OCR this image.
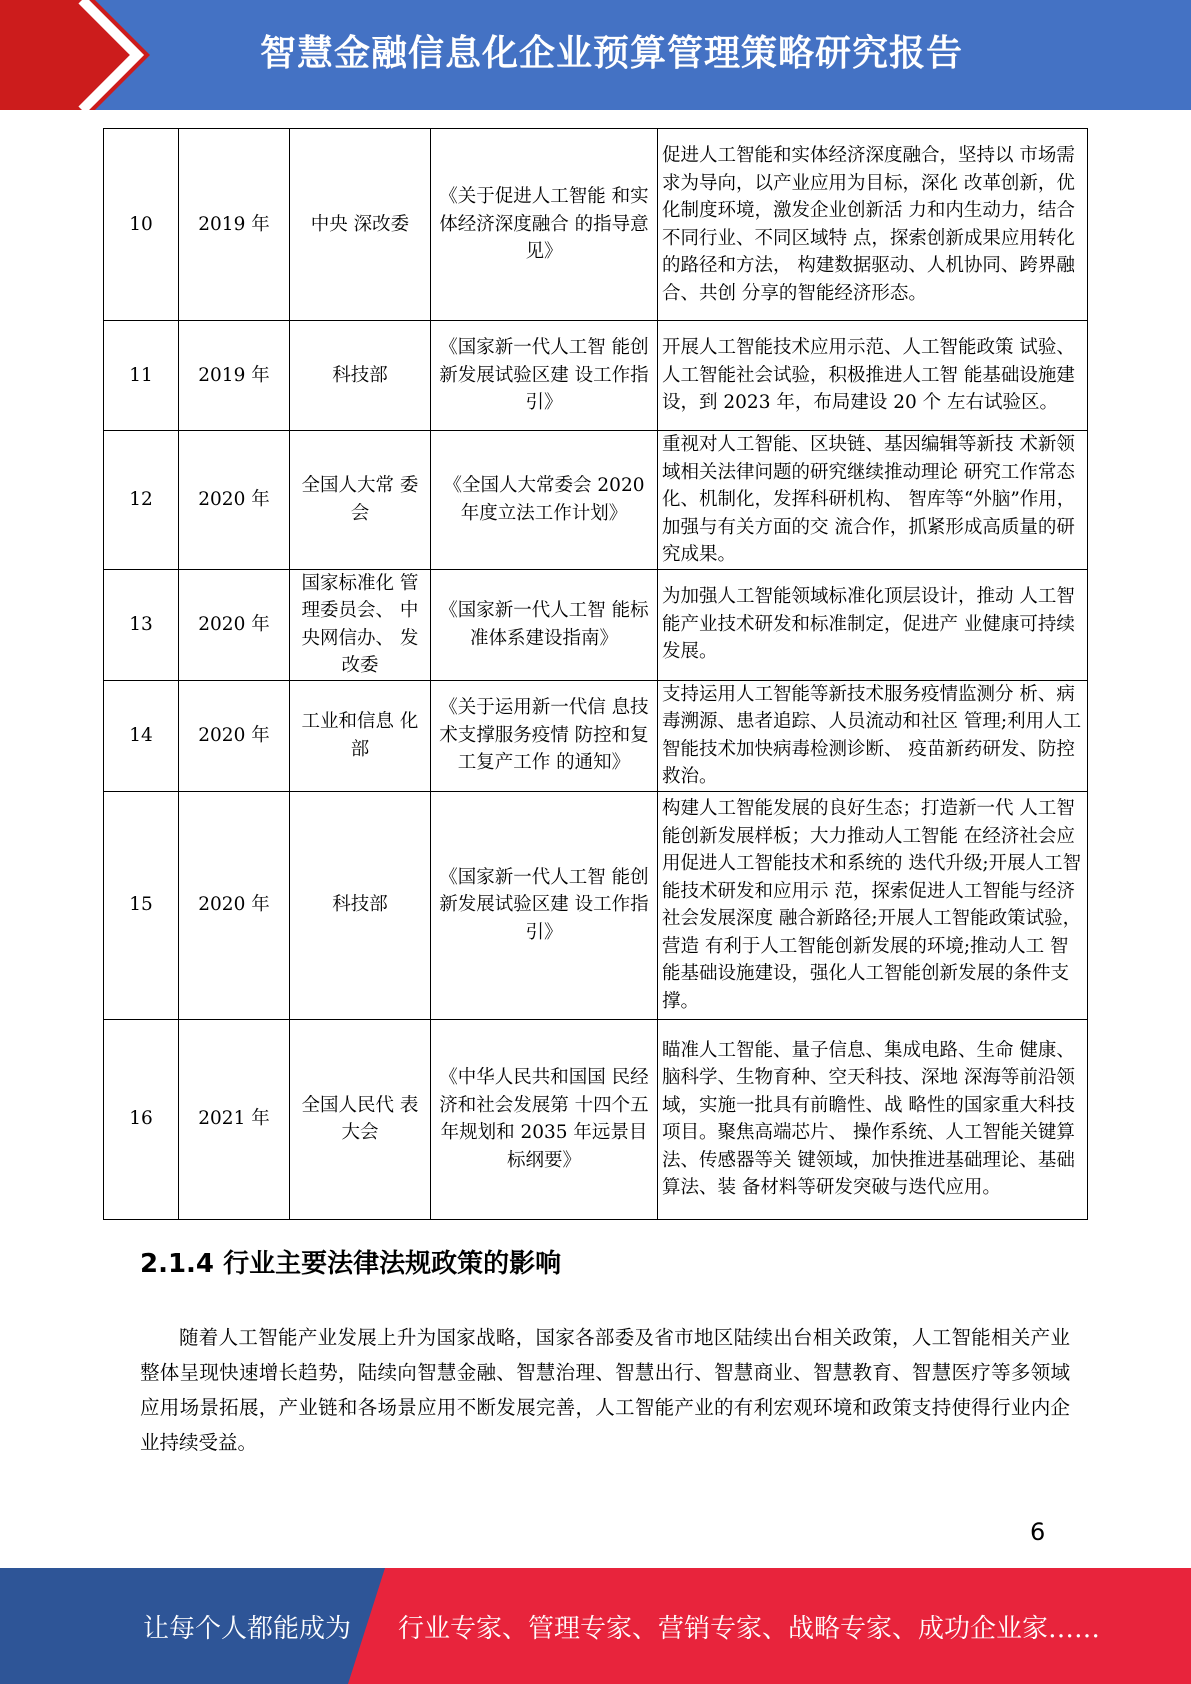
智慧金融信息化企业预算管理策略研究报告
10	2019 年	中央 深改委	《关于促进人工智能 和实体经济深度融合 的指导意见》	促进人工智能和实体经济深度融合，坚持以 市场需求为导向，以产业应用为目标，深化 改革创新，优化制度环境，激发企业创新活 力和内生动力，结合不同行业、不同区域特 点，探索创新成果应用转化的路径和方法， 构建数据驱动、人机协同、跨界融合、共创 分享的智能经济形态。
11	2019 年	科技部	《国家新一代人工智 能创新发展试验区建 设工作指引》	开展人工智能技术应用示范、人工智能政策 试验、人工智能社会试验，积极推进人工智 能基础设施建设，到 2023 年，布局建设 20 个 左右试验区。
12	2020 年	全国人大常 委会	《全国人大常委会 2020 年度立法工作计划》	重视对人工智能、区块链、基因编辑等新技 术新领域相关法律问题的研究继续推动理论 研究工作常态化、机制化，发挥科研机构、 智库等“外脑”作用，加强与有关方面的交 流合作，抓紧形成高质量的研究成果。
13	2020 年	国家标准化 管理委员会、 中央网信办、 发改委	《国家新一代人工智 能标准体系建设指南》	为加强人工智能领域标准化顶层设计，推动 人工智能产业技术研发和标准制定，促进产 业健康可持续发展。
14	2020 年	工业和信息 化部	《关于运用新一代信 息技术支撑服务疫情 防控和复工复产工作 的通知》	支持运用人工智能等新技术服务疫情监测分 析、病毒溯源、患者追踪、人员流动和社区 管理;利用人工智能技术加快病毒检测诊断、 疫苗新药研发、防控救治。
15	2020 年	科技部	《国家新一代人工智 能创新发展试验区建 设工作指引》	构建人工智能发展的良好生态；打造新一代 人工智能创新发展样板；大力推动人工智能 在经济社会应用促进人工智能技术和系统的 迭代升级;开展人工智能技术研发和应用示 范，探索促进人工智能与经济社会发展深度 融合新路径;开展人工智能政策试验，营造 有利于人工智能创新发展的环境;推动人工 智能基础设施建设，强化人工智能创新发展的条件支撑。
16	2021 年	全国人民代 表大会	《中华人民共和国国 民经济和社会发展第 十四个五年规划和 2035 年远景目标纲要》	瞄准人工智能、量子信息、集成电路、生命 健康、脑科学、生物育种、空天科技、深地 深海等前沿领域，实施一批具有前瞻性、战 略性的国家重大科技项目。聚焦高端芯片、 操作系统、人工智能关键算法、传感器等关 键领域，加快推进基础理论、基础算法、装 备材料等研发突破与迭代应用。
2.1.4 行业主要法律法规政策的影响
随着人工智能产业发展上升为国家战略，国家各部委及省市地区陆续出台相关政策，人工智能相关产业整体呈现快速增长趋势，陆续向智慧金融、智慧治理、智慧出行、智慧商业、智慧教育、智慧医疗等多领域应用场景拓展，产业链和各场景应用不断发展完善，人工智能产业的有利宏观环境和政策支持使得行业内企业持续受益。
6
让每个人都能成为 行业专家、管理专家、营销专家、战略专家、成功企业家……
